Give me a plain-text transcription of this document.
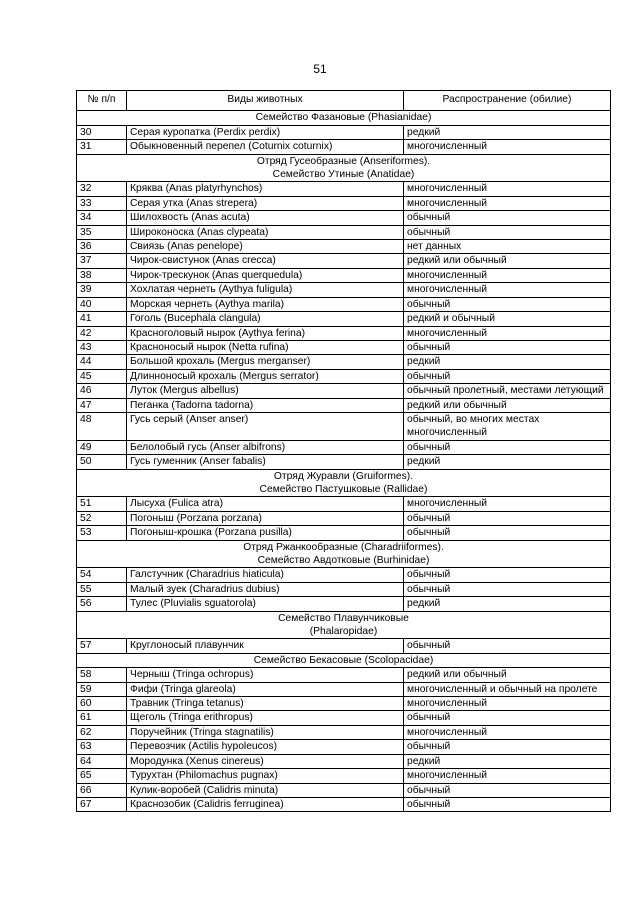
51
№ п/п	Виды животных	Распространение (обилие)

Семейство Фазановые (Phasianidae)		

30	Серая куропатка (Perdix perdix)	редкий
31	Обыкновенный перепел (Coturnix coturnix)	многочисленный

Отряд Гусеобразные (Anseriformes).
Семейство Утиные (Anatidae)		

32	Кряква (Anas platyrhynchos)	многочисленный
33	Серая утка (Anas strepera)	многочисленный
34	Шилохвость (Anas acuta)	обычный
35	Широконоска (Anas clypeata)	обычный
36	Свиязь (Anas penelope)	нет данных
37	Чирок-свистунок (Anas crecca)	редкий или обычный
38	Чирок-трескунок (Anas querquedula)	многочисленный
39	Хохлатая чернеть (Aythya fuligula)	многочисленный
40	Морская чернеть (Aythya marila)	обычный
41	Гоголь (Bucephala clangula)	редкий и обычный
42	Красноголовый нырок (Aythya ferina)	многочисленный
43	Красноносый нырок (Netta rufina)	обычный
44	Большой крохаль (Mergus merganser)	редкий
45	Длинноносый крохаль (Mergus serrator)	обычный
46	Луток (Mergus albellus)	обычный пролетный, местами летующий
47	Пеганка (Tadorna tadorna)	редкий или обычный
48	Гусь серый (Anser anser)	обычный, во многих местах многочисленный
49	Белолобый гусь (Anser albifrons)	обычный
50	Гусь гуменник (Anser fabalis)	редкий

Отряд Журавли (Gruiformes).
Семейство Пастушковые (Rallidae)		

51	Лысуха (Fulica atra)	многочисленный
52	Погоныш (Porzana porzana)	обычный
53	Погоныш-крошка (Porzana pusilla)	обычный

Отряд Ржанкообразные (Charadriiformes).
Семейство Авдотковые (Burhinidae)		

54	Галстучник (Charadrius hiaticula)	обычный
55	Малый зуек (Charadrius dubius)	обычный
56	Тулес (Pluvialis sguatorola)	редкий

Семейство Плавунчиковые
(Phalaropidae)		

57	Круглоносый плавунчик	обычный

Семейство Бекасовые (Scolopacidae)		

58	Черныш (Tringa ochropus)	редкий или обычный
59	Фифи (Tringa glareola)	многочисленный и обычный на пролете
60	Травник (Tringa tetanus)	многочисленный
61	Щеголь (Tringa erithropus)	обычный
62	Поручейник (Tringa stagnatilis)	многочисленный
63	Перевозчик (Actilis hypoleucos)	обычный
64	Мородунка (Xenus cinereus)	редкий
65	Турухтан (Philomachus pugnax)	многочисленный
66	Кулик-воробей (Calidris minuta)	обычный
67	Краснозобик (Calidris ferruginea)	обычный
